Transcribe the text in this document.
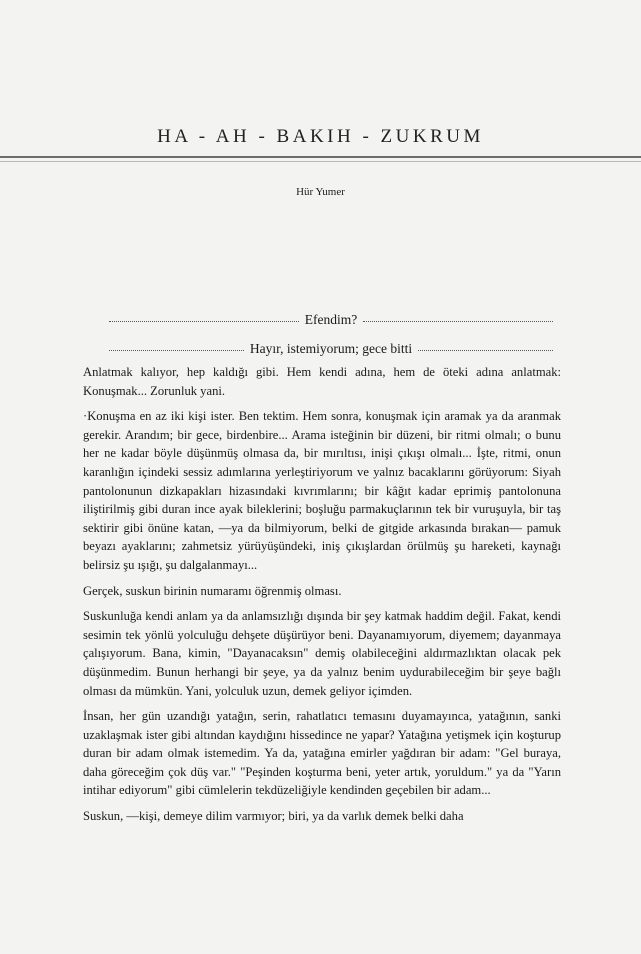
HA - AH - BAKIH - ZUKRUM
Hür Yumer
Efendim?
Hayır, istemiyorum; gece bitti

Anlatmak kalıyor, hep kaldığı gibi. Hem kendi adına, hem de öteki adına anlatmak: Konuşmak... Zorunluk yani.

·Konuşma en az iki kişi ister. Ben tektim. Hem sonra, konuşmak için aramak ya da aranmak gerekir. Arandım; bir gece, birdenbire... Arama isteğinin bir düzeni, bir ritmi olmalı; o bunu her ne kadar böyle düşünmüş olmasa da, bir mırıltısı, inişi çıkışı olmalı... İşte, ritmi, onun karanlığın içindeki sessiz adımlarına yerleştiriyorum ve yalnız bacaklarını görüyorum: Siyah pantolonunun dizkapakları hizasındaki kıvrımlarını; bir kâğıt kadar eprimiş pantolonuna iliştirilmiş gibi duran ince ayak bileklerini; boşluğu parmakuçlarının tek bir vuruşuyla, bir taş sektirir gibi önüne katan, —ya da bilmiyorum, belki de gitgide arkasında bırakan— pamuk beyazı ayaklarını; zahmetsiz yürüyüşündeki, iniş çıkışlardan örülmüş şu hareketi, kaynağı belirsiz şu ışığı, şu dalgalanmayı...

Gerçek, suskun birinin numaramı öğrenmiş olması.

Suskunluğa kendi anlam ya da anlamsızlığı dışında bir şey katmak haddim değil. Fakat, kendi sesimin tek yönlü yolculuğu dehşete düşürüyor beni. Dayanamıyorum, diyemem; dayanmaya çalışıyorum. Bana, kimin, "Dayanacaksın" demiş olabileceğini aldırmazlıktan olacak pek düşünmedim. Bunun herhangi bir şeye, ya da yalnız benim uydurabileceğim bir şeye bağlı olması da mümkün. Yani, yolculuk uzun, demek geliyor içimden.

İnsan, her gün uzandığı yatağın, serin, rahatlatıcı temasını duyamayınca, yatağının, sanki uzaklaşmak ister gibi altından kaydığını hissedince ne yapar? Yatağına yetişmek için koşturup duran bir adam olmak istemedim. Ya da, yatağına emirler yağdıran bir adam: "Gel buraya, daha göreceğim çok düş var." "Peşinden koşturma beni, yeter artık, yoruldum." ya da "Yarın intihar ediyorum" gibi cümlelerin tekdüzeliğiyle kendinden geçebilen bir adam...

Suskun, —kişi, demeye dilim varmıyor; biri, ya da varlık demek belki daha
